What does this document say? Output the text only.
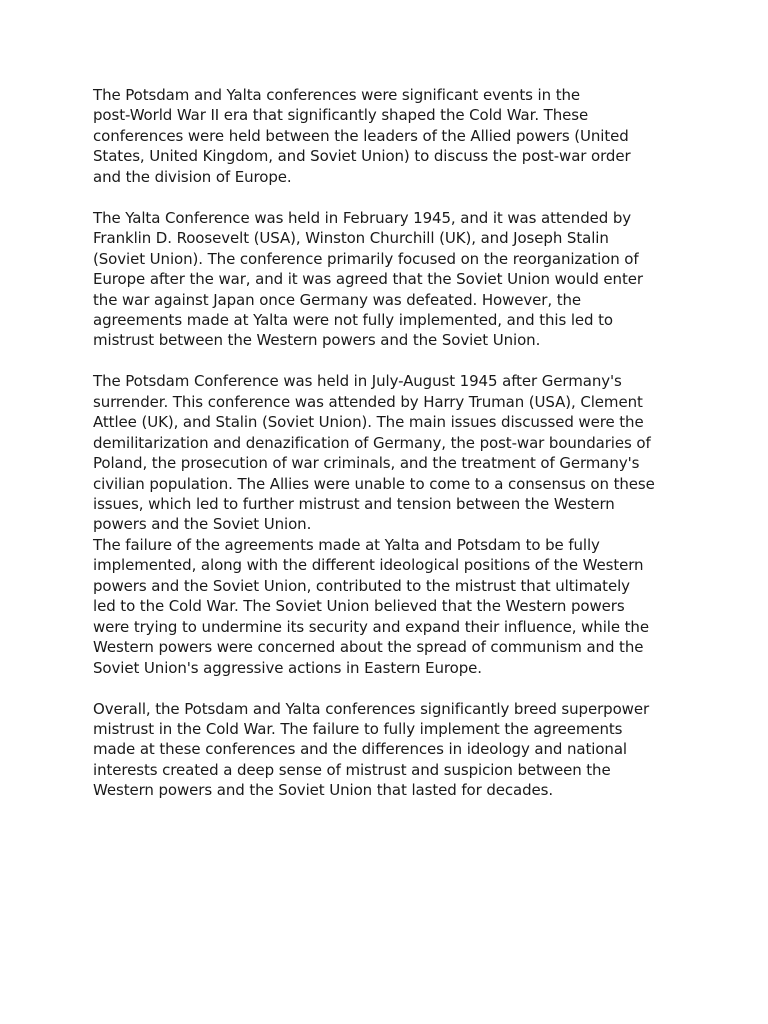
The Potsdam and Yalta conferences were significant events in the
post-World War II era that significantly shaped the Cold War. These
conferences were held between the leaders of the Allied powers (United
States, United Kingdom, and Soviet Union) to discuss the post-war order
and the division of Europe.

The Yalta Conference was held in February 1945, and it was attended by
Franklin D. Roosevelt (USA), Winston Churchill (UK), and Joseph Stalin
(Soviet Union). The conference primarily focused on the reorganization of
Europe after the war, and it was agreed that the Soviet Union would enter
the war against Japan once Germany was defeated. However, the
agreements made at Yalta were not fully implemented, and this led to
mistrust between the Western powers and the Soviet Union.

The Potsdam Conference was held in July-August 1945 after Germany's
surrender. This conference was attended by Harry Truman (USA), Clement
Attlee (UK), and Stalin (Soviet Union). The main issues discussed were the
demilitarization and denazification of Germany, the post-war boundaries of
Poland, the prosecution of war criminals, and the treatment of Germany's
civilian population. The Allies were unable to come to a consensus on these
issues, which led to further mistrust and tension between the Western
powers and the Soviet Union.

The failure of the agreements made at Yalta and Potsdam to be fully
implemented, along with the different ideological positions of the Western
powers and the Soviet Union, contributed to the mistrust that ultimately
led to the Cold War. The Soviet Union believed that the Western powers
were trying to undermine its security and expand their influence, while the
Western powers were concerned about the spread of communism and the
Soviet Union's aggressive actions in Eastern Europe.

Overall, the Potsdam and Yalta conferences significantly breed superpower
mistrust in the Cold War. The failure to fully implement the agreements
made at these conferences and the differences in ideology and national
interests created a deep sense of mistrust and suspicion between the
Western powers and the Soviet Union that lasted for decades.
